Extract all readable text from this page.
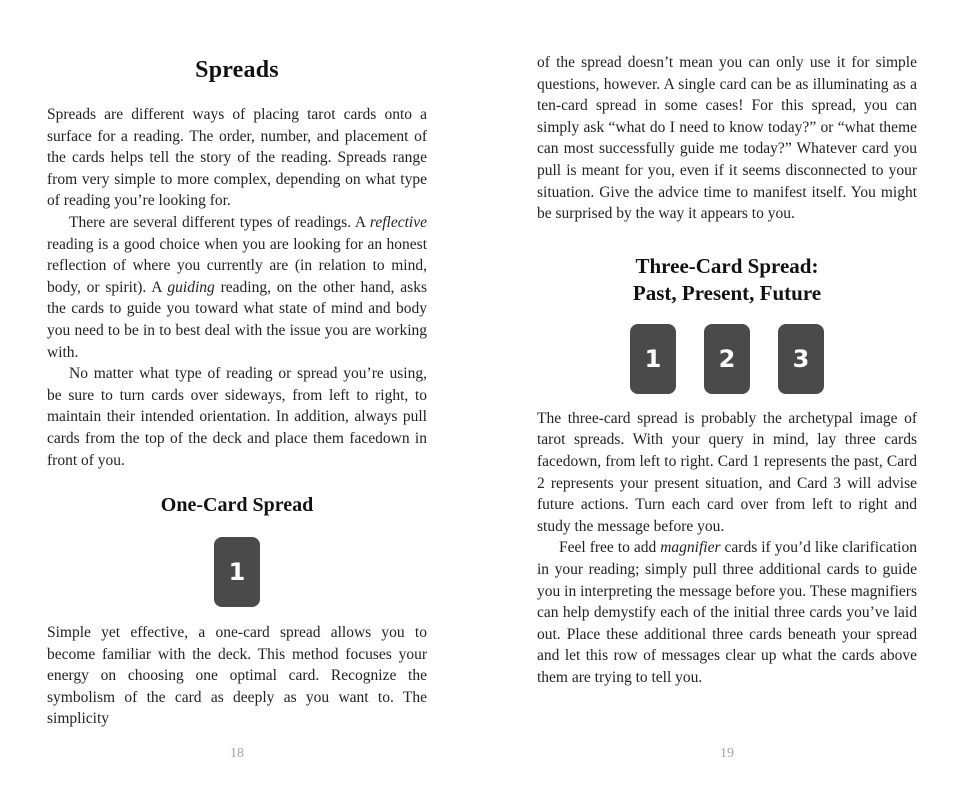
Spreads

Spreads are different ways of placing tarot cards onto a surface for a reading. The order, number, and placement of the cards helps tell the story of the reading. Spreads range from very simple to more complex, depending on what type of reading you’re looking for.

There are several different types of readings. A reflective reading is a good choice when you are looking for an honest reflection of where you currently are (in relation to mind, body, or spirit). A guiding reading, on the other hand, asks the cards to guide you toward what state of mind and body you need to be in to best deal with the issue you are working with.

No matter what type of reading or spread you’re using, be sure to turn cards over sideways, from left to right, to maintain their intended orientation. In addition, always pull cards from the top of the deck and place them facedown in front of you.

One-Card Spread
1

Simple yet effective, a one-card spread allows you to become familiar with the deck. This method focuses your energy on choosing one optimal card. Recognize the symbolism of the card as deeply as you want to. The simplicity

18

of the spread doesn’t mean you can only use it for simple questions, however. A single card can be as illuminating as a ten-card spread in some cases! For this spread, you can simply ask “what do I need to know today?” or “what theme can most successfully guide me today?” Whatever card you pull is meant for you, even if it seems disconnected to your situation. Give the advice time to manifest itself. You might be surprised by the way it appears to you.

Three-Card Spread:
Past, Present, Future
1 2 3

The three-card spread is probably the archetypal image of tarot spreads. With your query in mind, lay three cards facedown, from left to right. Card 1 represents the past, Card 2 represents your present situation, and Card 3 will advise future actions. Turn each card over from left to right and study the message before you.

Feel free to add magnifier cards if you’d like clarification in your reading; simply pull three additional cards to guide you in interpreting the message before you. These magnifiers can help demystify each of the initial three cards you’ve laid out. Place these additional three cards beneath your spread and let this row of messages clear up what the cards above them are trying to tell you.

19
